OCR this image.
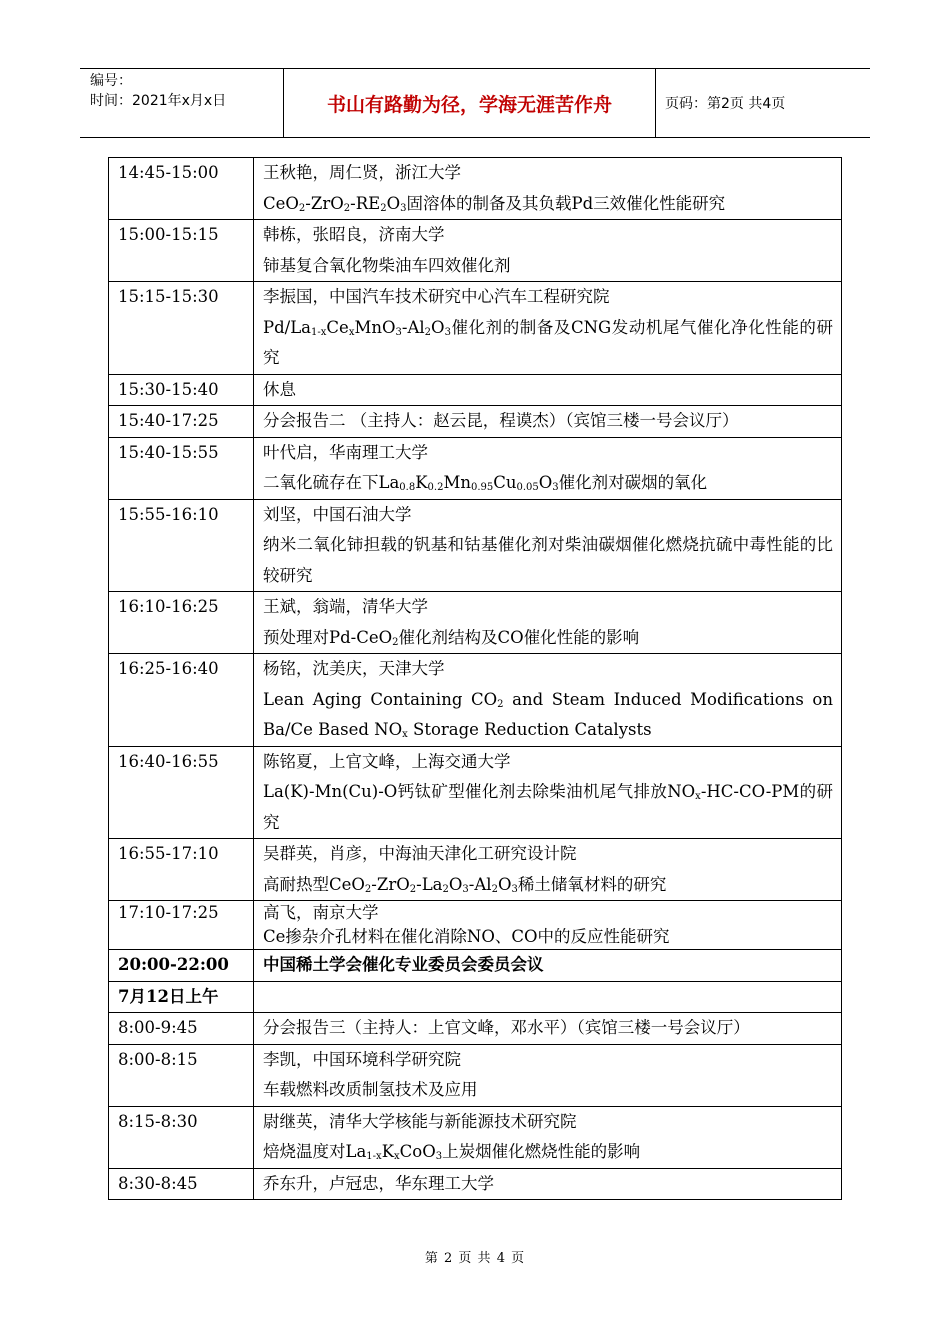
编号：
时间：2021年x月x日	书山有路勤为径，学海无涯苦作舟	页码：第2页 共4页
14:45-15:00	王秋艳，周仁贤，浙江大学
$CeO_2-ZrO_2-RE_2O_3$固溶体的制备及其负载Pd三效催化性能研究

15:00-15:15	韩栋，张昭良，济南大学
铈基复合氧化物柴油车四效催化剂

15:15-15:30	李振国，中国汽车技术研究中心汽车工程研究院
$Pd/La_{1-x}Ce_xMnO_3-Al_2O_3$催化剂的制备及CNG发动机尾气催化净化性能的研究

15:30-15:40	休息

15:40-17:25	分会报告二 （主持人：赵云昆，程谟杰）（宾馆三楼一号会议厅）

15:40-15:55	叶代启，华南理工大学
二氧化硫存在下$La_{0.8}K_{0.2}Mn_{0.95}Cu_{0.05}O_3$催化剂对碳烟的氧化

15:55-16:10	刘坚，中国石油大学
纳米二氧化铈担载的钒基和钴基催化剂对柴油碳烟催化燃烧抗硫中毒性能的比较研究

16:10-16:25	王斌，翁端，清华大学
预处理对Pd-CeO$_2$催化剂结构及CO催化性能的影响

16:25-16:40	杨铭，沈美庆，天津大学
Lean Aging Containing $CO_2$ and Steam Induced Modifications on Ba/Ce Based $NO_x$ Storage Reduction Catalysts

16:40-16:55	陈铭夏，上官文峰，上海交通大学
La(K)-Mn(Cu)-O钙钛矿型催化剂去除柴油机尾气排放$NO_x-HC-CO-PM$的研究

16:55-17:10	吴群英，肖彦，中海油天津化工研究设计院
高耐热型$CeO_2-ZrO_2-La_2O_3-Al_2O_3$稀土储氧材料的研究

17:10-17:25	高飞，南京大学
Ce掺杂介孔材料在催化消除NO、CO中的反应性能研究

20:00-22:00	中国稀土学会催化专业委员会委员会议

7月12日上午	

8:00-9:45	分会报告三（主持人：上官文峰，邓水平）（宾馆三楼一号会议厅）

8:00-8:15	李凯，中国环境科学研究院
车载燃料改质制氢技术及应用

8:15-8:30	尉继英，清华大学核能与新能源技术研究院
焙烧温度对$La_{1-x}K_xCoO_3$上炭烟催化燃烧性能的影响

8:30-8:45	乔东升，卢冠忠，华东理工大学
第 2 页 共 4 页
